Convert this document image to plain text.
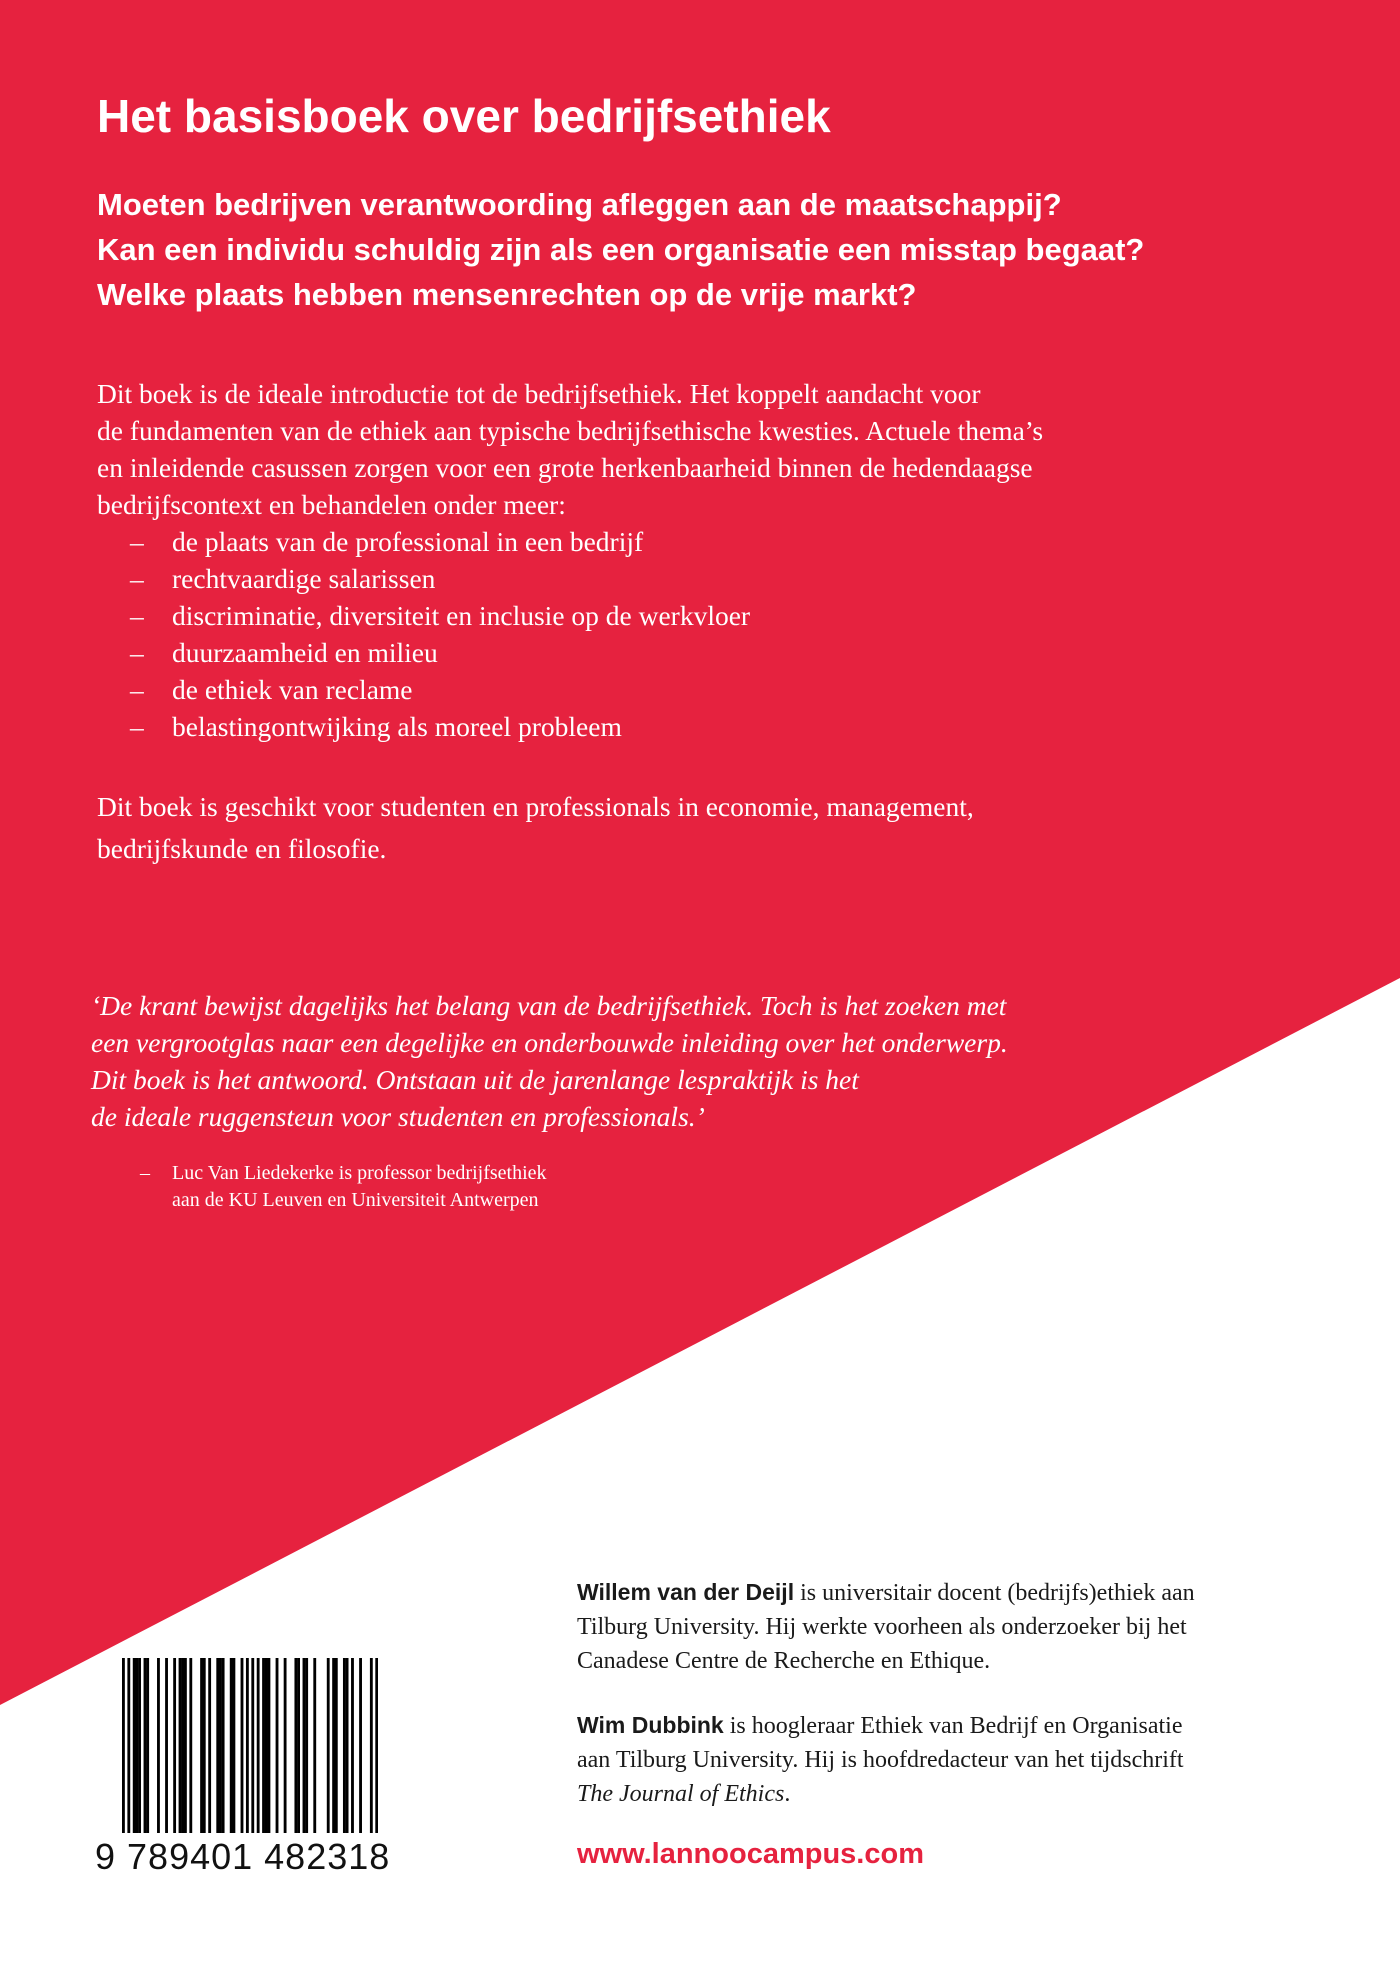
Het basisboek over bedrijfsethiek
Moeten bedrijven verantwoording afleggen aan de maatschappij?
Kan een individu schuldig zijn als een organisatie een misstap begaat?
Welke plaats hebben mensenrechten op de vrije markt?
Dit boek is de ideale introductie tot de bedrijfsethiek. Het koppelt aandacht voor
de fundamenten van de ethiek aan typische bedrijfsethische kwesties. Actuele thema’s
en inleidende casussen zorgen voor een grote herkenbaarheid binnen de hedendaagse
bedrijfscontext en behandelen onder meer:
– de plaats van de professional in een bedrijf
– rechtvaardige salarissen
– discriminatie, diversiteit en inclusie op de werkvloer
– duurzaamheid en milieu
– de ethiek van reclame
– belastingontwijking als moreel probleem
Dit boek is geschikt voor studenten en professionals in economie, management,
bedrijfskunde en filosofie.
‘De krant bewijst dagelijks het belang van de bedrijfsethiek. Toch is het zoeken met
een vergrootglas naar een degelijke en onderbouwde inleiding over het onderwerp.
Dit boek is het antwoord. Ontstaan uit de jarenlange lespraktijk is het
de ideale ruggensteun voor studenten en professionals.’
–	Luc Van Liedekerke is professor bedrijfsethiek
aan de KU Leuven en Universiteit Antwerpen
Willem van der Deijl is universitair docent (bedrijfs)ethiek aan
Tilburg University. Hij werkte voorheen als onderzoeker bij het
Canadese Centre de Recherche en Ethique.
Wim Dubbink is hoogleraar Ethiek van Bedrijf en Organisatie
aan Tilburg University. Hij is hoofdredacteur van het tijdschrift
The Journal of Ethics.
www.lannoocampus.com
9 789401 482318
